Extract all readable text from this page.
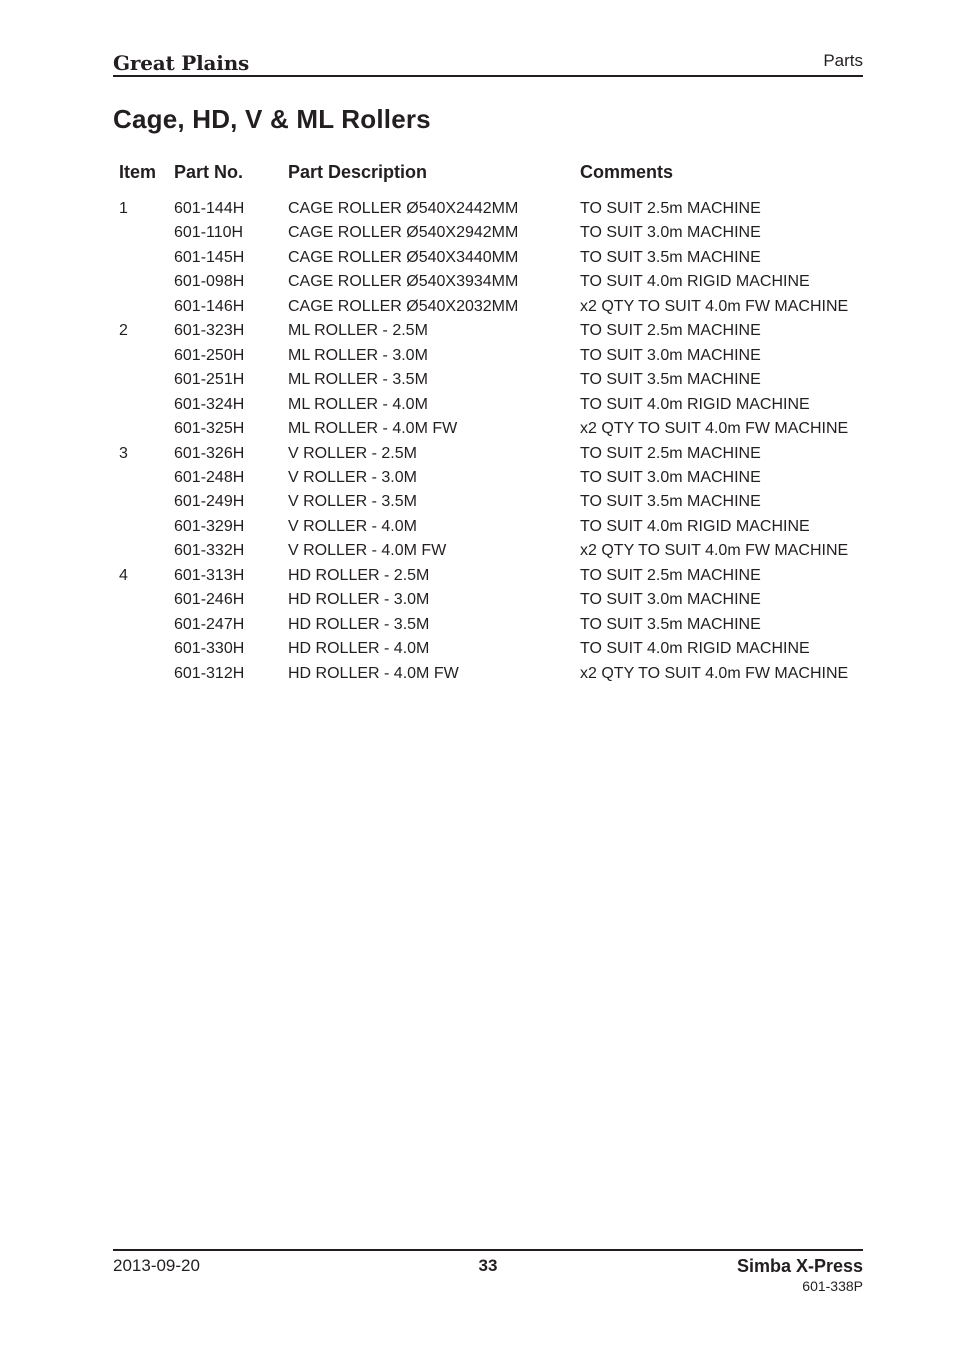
Great Plains	Parts
Cage, HD, V & ML Rollers
Item Part No. Part Description	Comments
1	601-144H	CAGE ROLLER Ø540X2442MM	TO SUIT 2.5m MACHINE
601-110H	CAGE ROLLER Ø540X2942MM	TO SUIT 3.0m MACHINE
601-145H	CAGE ROLLER Ø540X3440MM	TO SUIT 3.5m MACHINE
601-098H	CAGE ROLLER Ø540X3934MM	TO SUIT 4.0m RIGID MACHINE
601-146H	CAGE ROLLER Ø540X2032MM	x2 QTY TO SUIT 4.0m FW MACHINE
2	601-323H	ML ROLLER - 2.5M	TO SUIT 2.5m MACHINE
601-250H	ML ROLLER - 3.0M	TO SUIT 3.0m MACHINE
601-251H	ML ROLLER - 3.5M	TO SUIT 3.5m MACHINE
601-324H	ML ROLLER - 4.0M	TO SUIT 4.0m RIGID MACHINE
601-325H	ML ROLLER - 4.0M FW	x2 QTY TO SUIT 4.0m FW MACHINE
3	601-326H	V ROLLER - 2.5M	TO SUIT 2.5m MACHINE
601-248H	V ROLLER - 3.0M	TO SUIT 3.0m MACHINE
601-249H	V ROLLER - 3.5M	TO SUIT 3.5m MACHINE
601-329H	V ROLLER - 4.0M	TO SUIT 4.0m RIGID MACHINE
601-332H	V ROLLER - 4.0M FW	x2 QTY TO SUIT 4.0m FW MACHINE
4	601-313H	HD ROLLER - 2.5M	TO SUIT 2.5m MACHINE
601-246H	HD ROLLER - 3.0M	TO SUIT 3.0m MACHINE
601-247H	HD ROLLER - 3.5M	TO SUIT 3.5m MACHINE
601-330H	HD ROLLER - 4.0M	TO SUIT 4.0m RIGID MACHINE
601-312H	HD ROLLER - 4.0M FW	x2 QTY TO SUIT 4.0m FW MACHINE
2013-09-20	33	Simba X-Press
601-338P
